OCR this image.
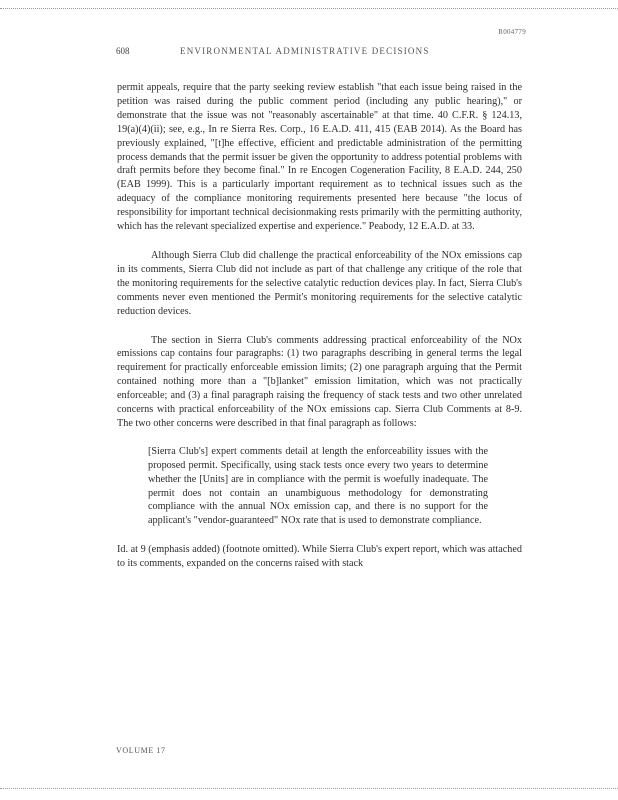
R004779
608	ENVIRONMENTAL ADMINISTRATIVE DECISIONS

permit appeals, require that the party seeking review establish "that each issue being raised in the petition was raised during the public comment period (including any public hearing)," or demonstrate that the issue was not "reasonably ascertainable" at that time. 40 C.F.R. § 124.13, 19(a)(4)(ii); see, e.g., In re Sierra Res. Corp., 16 E.A.D. 411, 415 (EAB 2014). As the Board has previously explained, "[t]he effective, efficient and predictable administration of the permitting process demands that the permit issuer be given the opportunity to address potential problems with draft permits before they become final." In re Encogen Cogeneration Facility, 8 E.A.D. 244, 250 (EAB 1999). This is a particularly important requirement as to technical issues such as the adequacy of the compliance monitoring requirements presented here because "the locus of responsibility for important technical decisionmaking rests primarily with the permitting authority, which has the relevant specialized expertise and experience." Peabody, 12 E.A.D. at 33.

Although Sierra Club did challenge the practical enforceability of the NOx emissions cap in its comments, Sierra Club did not include as part of that challenge any critique of the role that the monitoring requirements for the selective catalytic reduction devices play. In fact, Sierra Club's comments never even mentioned the Permit's monitoring requirements for the selective catalytic reduction devices.

The section in Sierra Club's comments addressing practical enforceability of the NOx emissions cap contains four paragraphs: (1) two paragraphs describing in general terms the legal requirement for practically enforceable emission limits; (2) one paragraph arguing that the Permit contained nothing more than a "[b]lanket" emission limitation, which was not practically enforceable; and (3) a final paragraph raising the frequency of stack tests and two other unrelated concerns with practical enforceability of the NOx emissions cap. Sierra Club Comments at 8-9. The two other concerns were described in that final paragraph as follows:

[Sierra Club's] expert comments detail at length the enforceability issues with the proposed permit. Specifically, using stack tests once every two years to determine whether the [Units] are in compliance with the permit is woefully inadequate. The permit does not contain an unambiguous methodology for demonstrating compliance with the annual NOx emission cap, and there is no support for the applicant's "vendor-guaranteed" NOx rate that is used to demonstrate compliance.

Id. at 9 (emphasis added) (footnote omitted). While Sierra Club's expert report, which was attached to its comments, expanded on the concerns raised with stack

VOLUME 17
